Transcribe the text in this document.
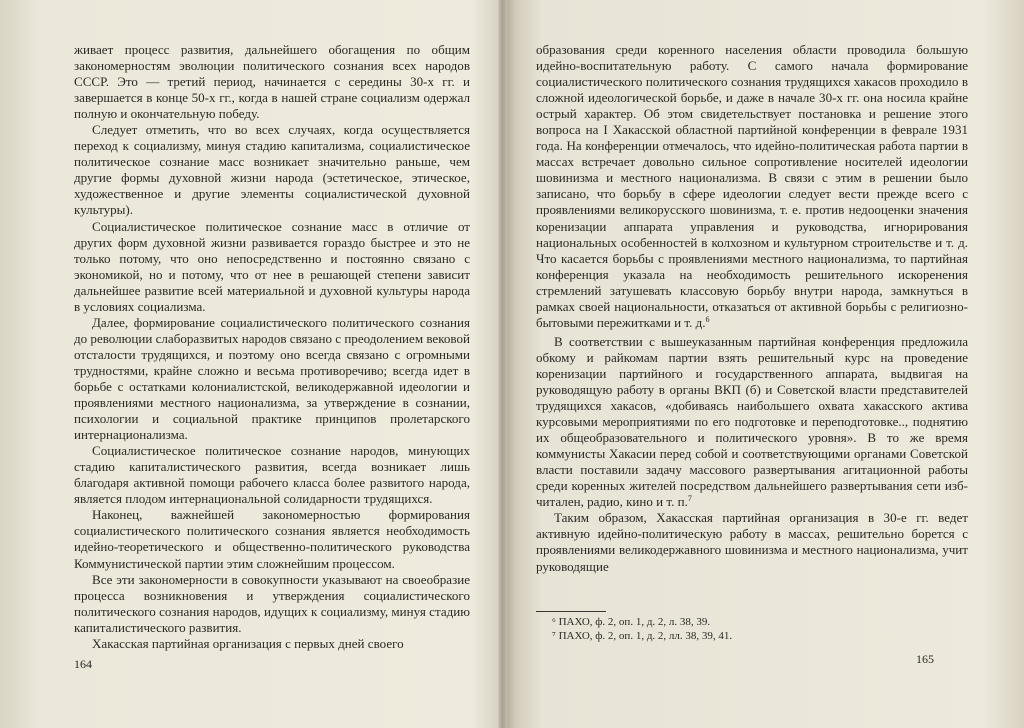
живает процесс развития, дальнейшего обогащения по общим закономерностям эволюции политического сознания всех народов СССР. Это — третий период, начинается с середины 30-х гг. и завершается в конце 50-х гг., когда в нашей стране социализм одержал полную и окончательную победу.

Следует отметить, что во всех случаях, когда осуществляется переход к социализму, минуя стадию капитализма, социалистическое политическое сознание масс возникает значительно раньше, чем другие формы духовной жизни народа (эстетическое, этическое, художественное и другие элементы социалистической духовной культуры).

Социалистическое политическое сознание масс в отличие от других форм духовной жизни развивается гораздо быстрее и это не только потому, что оно непосредственно и постоянно связано с экономикой, но и потому, что от нее в решающей степени зависит дальнейшее развитие всей материальной и духовной культуры народа в условиях социализма.

Далее, формирование социалистического политического сознания до революции слаборазвитых народов связано с преодолением вековой отсталости трудящихся, и поэтому оно всегда связано с огромными трудностями, крайне сложно и весьма противоречиво; всегда идет в борьбе с остатками колониалистской, великодержавной идеологии и проявлениями местного национализма, за утверждение в сознании, психологии и социальной практике принципов пролетарского интернационализма.

Социалистическое политическое сознание народов, минующих стадию капиталистического развития, всегда возникает лишь благодаря активной помощи рабочего класса более развитого народа, является плодом интернациональной солидарности трудящихся.

Наконец, важнейшей закономерностью формирования социалистического политического сознания является необходимость идейно-теоретического и общественно-политического руководства Коммунистической партии этим сложнейшим процессом.

Все эти закономерности в совокупности указывают на своеобразие процесса возникновения и утверждения социалистического политического сознания народов, идущих к социализму, минуя стадию капиталистического развития.

Хакасская партийная организация с первых дней своего

164

образования среди коренного населения области проводила большую идейно-воспитательную работу. С самого начала формирование социалистического политического сознания трудящихся хакасов проходило в сложной идеологической борьбе, и даже в начале 30-х гг. она носила крайне острый характер. Об этом свидетельствует постановка и решение этого вопроса на I Хакасской областной партийной конференции в феврале 1931 года. На конференции отмечалось, что идейно-политическая работа партии в массах встречает довольно сильное сопротивление носителей идеологии шовинизма и местного национализма. В связи с этим в решении было записано, что борьбу в сфере идеологии следует вести прежде всего с проявлениями великорусского шовинизма, т. е. против недооценки значения коренизации аппарата управления и руководства, игнорирования национальных особенностей в колхозном и культурном строительстве и т. д. Что касается борьбы с проявлениями местного национализма, то партийная конференция указала на необходимость решительного искоренения стремлений затушевать классовую борьбу внутри народа, замкнуться в рамках своей национальности, отказаться от активной борьбы с религиозно-бытовыми пережитками и т. д.$^6$

В соответствии с вышеуказанным партийная конференция предложила обкому и райкомам партии взять решительный курс на проведение коренизации партийного и государственного аппарата, выдвигая на руководящую работу в органы ВКП (б) и Советской власти представителей трудящихся хакасов, «добиваясь наибольшего охвата хакасского актива курсовыми мероприятиями по его подготовке и переподготовке.., поднятию их общеобразовательного и политического уровня». В то же время коммунисты Хакасии перед собой и соответствующими органами Советской власти поставили задачу массового развертывания агитационной работы среди коренных жителей посредством дальнейшего развертывания сети изб-читален, радио, кино и т. п.$^7$

Таким образом, Хакасская партийная организация в 30-е гг. ведет активную идейно-политическую работу в массах, решительно борется с проявлениями великодержавного шовинизма и местного национализма, учит руководящие

⁶ ПАХО, ф. 2, оп. 1, д. 2, л. 38, 39.
⁷ ПАХО, ф. 2, оп. 1, д. 2, лл. 38, 39, 41.
165
